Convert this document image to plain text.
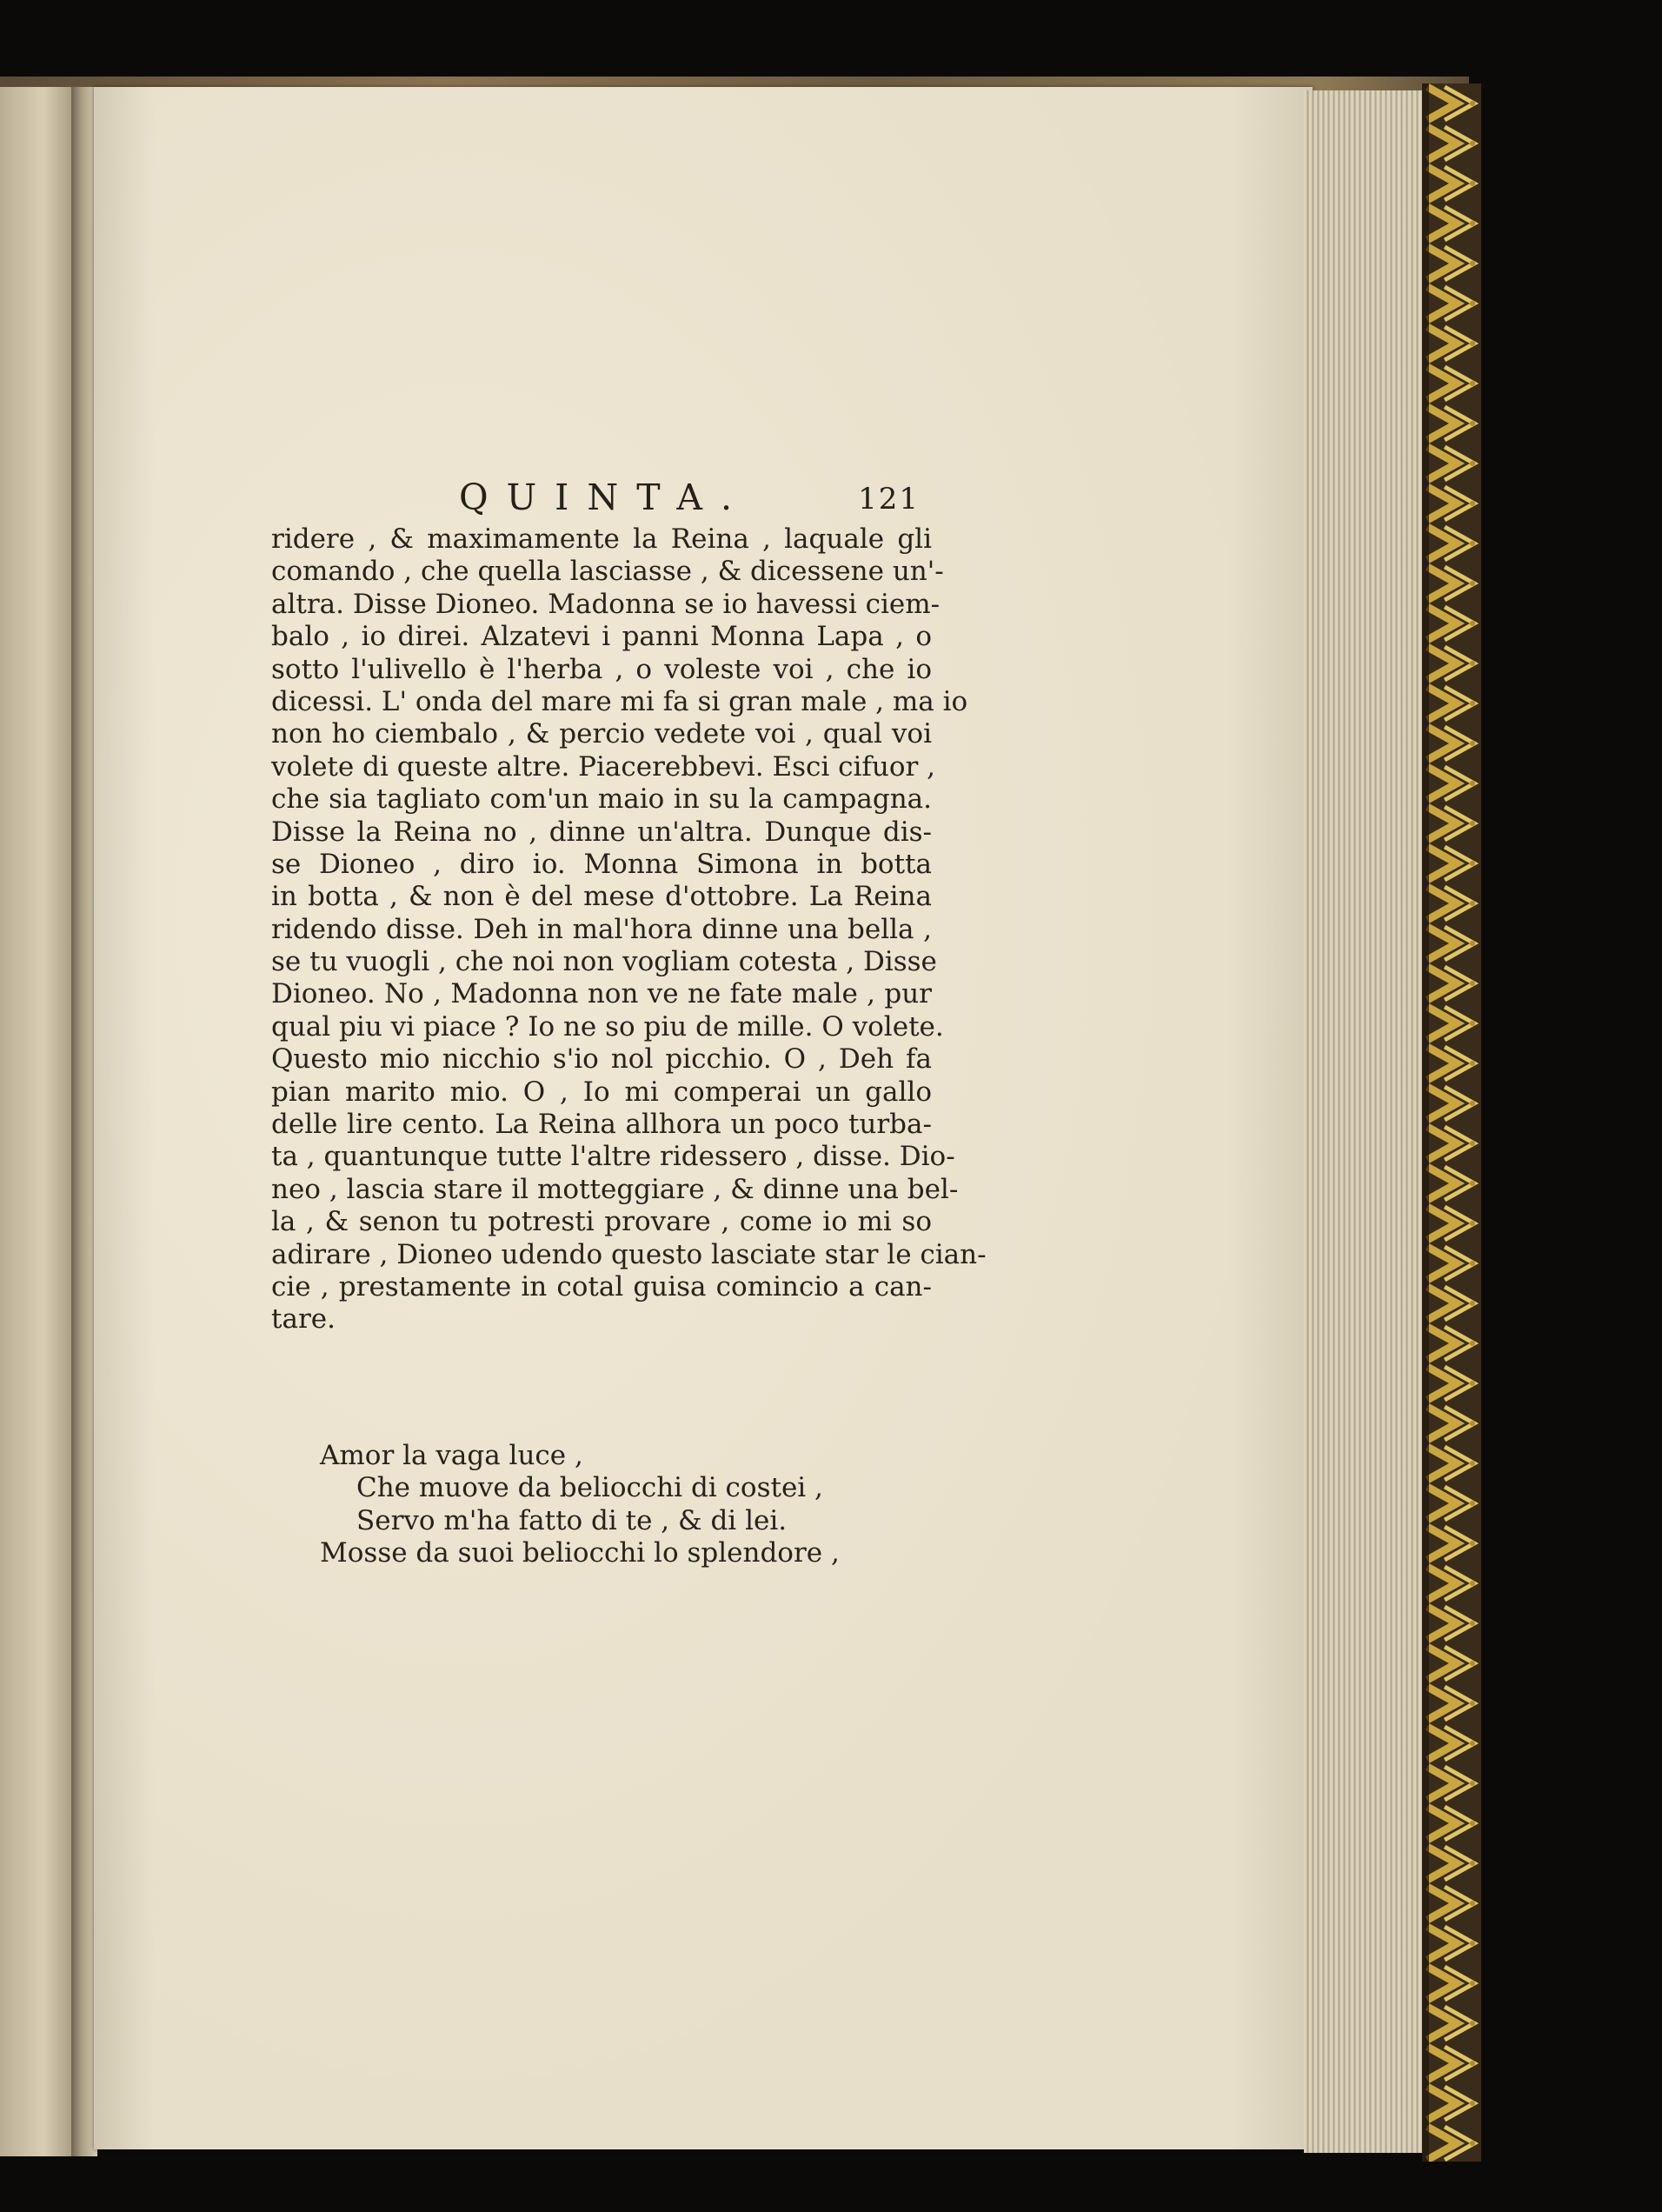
QUINTA.	121
ridere , & maximamente la Reina , laquale gli
comando , che quella lasciasse , & dicessene un'-
altra. Disse Dioneo. Madonna se io havessi ciem-
balo , io direi. Alzatevi i panni Monna Lapa , o
sotto l'ulivello è l'herba , o voleste voi , che io
dicessi. L' onda del mare mi fa si gran male , ma io
non ho ciembalo , & percio vedete voi , qual voi
volete di queste altre. Piacerebbevi. Esci cifuor ,
che sia tagliato com'un maio in su la campagna.
Disse la Reina no , dinne un'altra. Dunque dis-
se Dioneo , diro io. Monna Simona in botta
in botta , & non è del mese d'ottobre. La Reina
ridendo disse. Deh in mal'hora dinne una bella ,
se tu vuogli , che noi non vogliam cotesta , Disse
Dioneo. No , Madonna non ve ne fate male , pur
qual piu vi piace ? Io ne so piu de mille. O volete.
Questo mio nicchio s'io nol picchio. O , Deh fa
pian marito mio. O , Io mi comperai un gallo
delle lire cento. La Reina allhora un poco turba-
ta , quantunque tutte l'altre ridessero , disse. Dio-
neo , lascia stare il motteggiare , & dinne una bel-
la , & senon tu potresti provare , come io mi so
adirare , Dioneo udendo questo lasciate star le cian-
cie , prestamente in cotal guisa comincio a can-
tare.
Amor la vaga luce ,
Che muove da beliocchi di costei ,
Servo m'ha fatto di te , & di lei.
Mosse da suoi beliocchi lo splendore ,
